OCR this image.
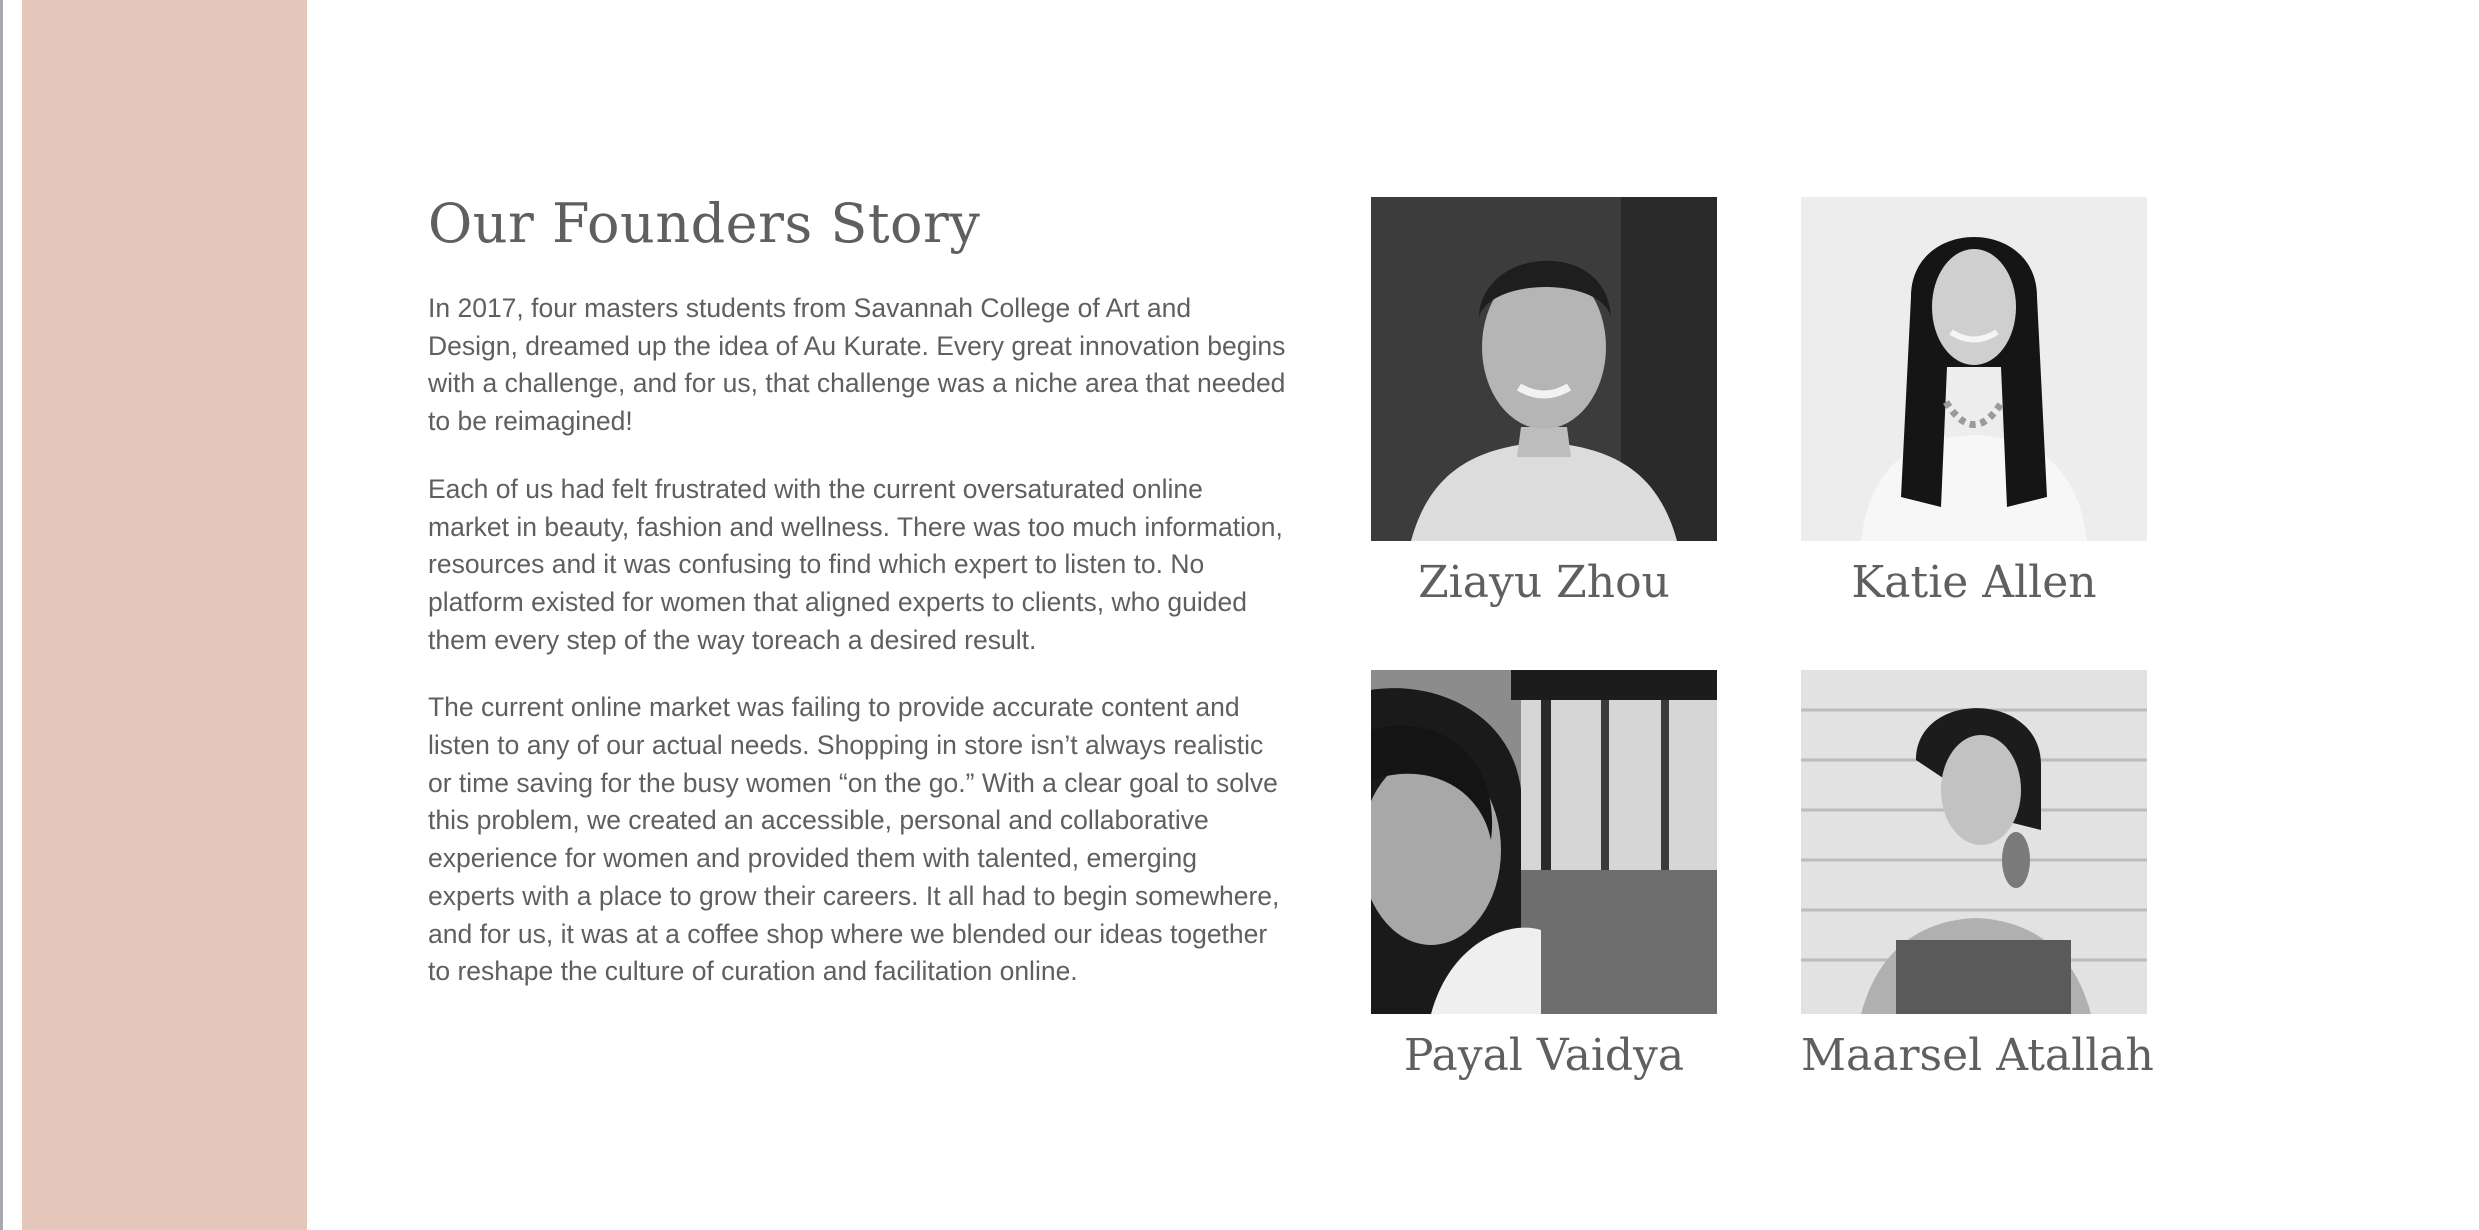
Our Founders Story

In 2017, four masters students from Savannah College of Art and Design, dreamed up the idea of Au Kurate. Every great innovation begins with a challenge, and for us, that challenge was a niche area that needed to be reimagined!

Each of us had felt frustrated with the current oversaturated online market in beauty, fashion and wellness. There was too much information, resources and it was confusing to find which expert to listen to. No platform existed for women that aligned experts to clients, who guided them every step of the way toreach a desired result.

The current online market was failing to provide accurate content and listen to any of our actual needs. Shopping in store isn’t always realistic or time saving for the busy women “on the go.” With a clear goal to solve this problem, we created an accessible, personal and collaborative experience for women and provided them with talented, emerging experts with a place to grow their careers. It all had to begin somewhere, and for us, it was at a coffee shop where we blended our ideas together to reshape the culture of curation and facilitation online.

Ziayu Zhou	Katie Allen
Payal Vaidya	Maarsel Atallah
